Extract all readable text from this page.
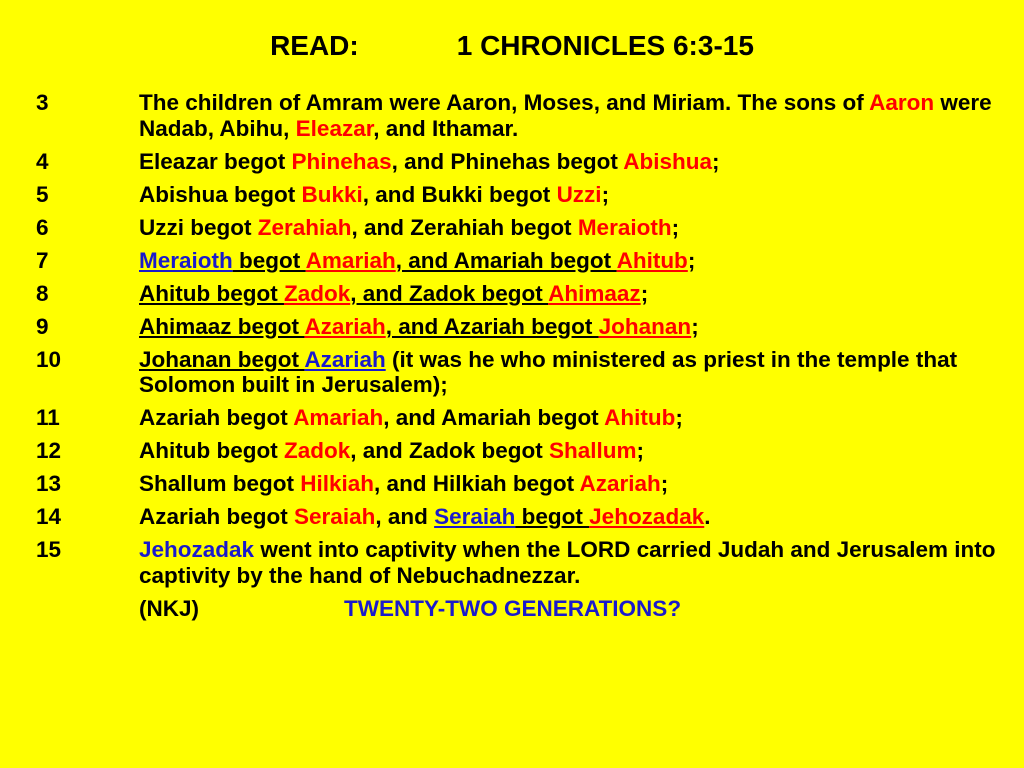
READ:	1 CHRONICLES 6:3-15
3	The children of Amram were Aaron, Moses, and Miriam. The sons of Aaron were Nadab, Abihu, Eleazar, and Ithamar.
4	Eleazar begot Phinehas, and Phinehas begot Abishua;
5	Abishua begot Bukki, and Bukki begot Uzzi;
6	Uzzi begot Zerahiah, and Zerahiah begot Meraioth;
7	Meraioth begot Amariah, and Amariah begot Ahitub;
8	Ahitub begot Zadok, and Zadok begot Ahimaaz;
9	Ahimaaz begot Azariah, and Azariah begot Johanan;
10	Johanan begot Azariah (it was he who ministered as priest in the temple that Solomon built in Jerusalem);
11	Azariah begot Amariah, and Amariah begot Ahitub;
12	Ahitub begot Zadok, and Zadok begot Shallum;
13	Shallum begot Hilkiah, and Hilkiah begot Azariah;
14	Azariah begot Seraiah, and Seraiah begot Jehozadak.
15	Jehozadak went into captivity when the LORD carried Judah and Jerusalem into captivity by the hand of Nebuchadnezzar.
(NKJ)	TWENTY-TWO GENERATIONS?
